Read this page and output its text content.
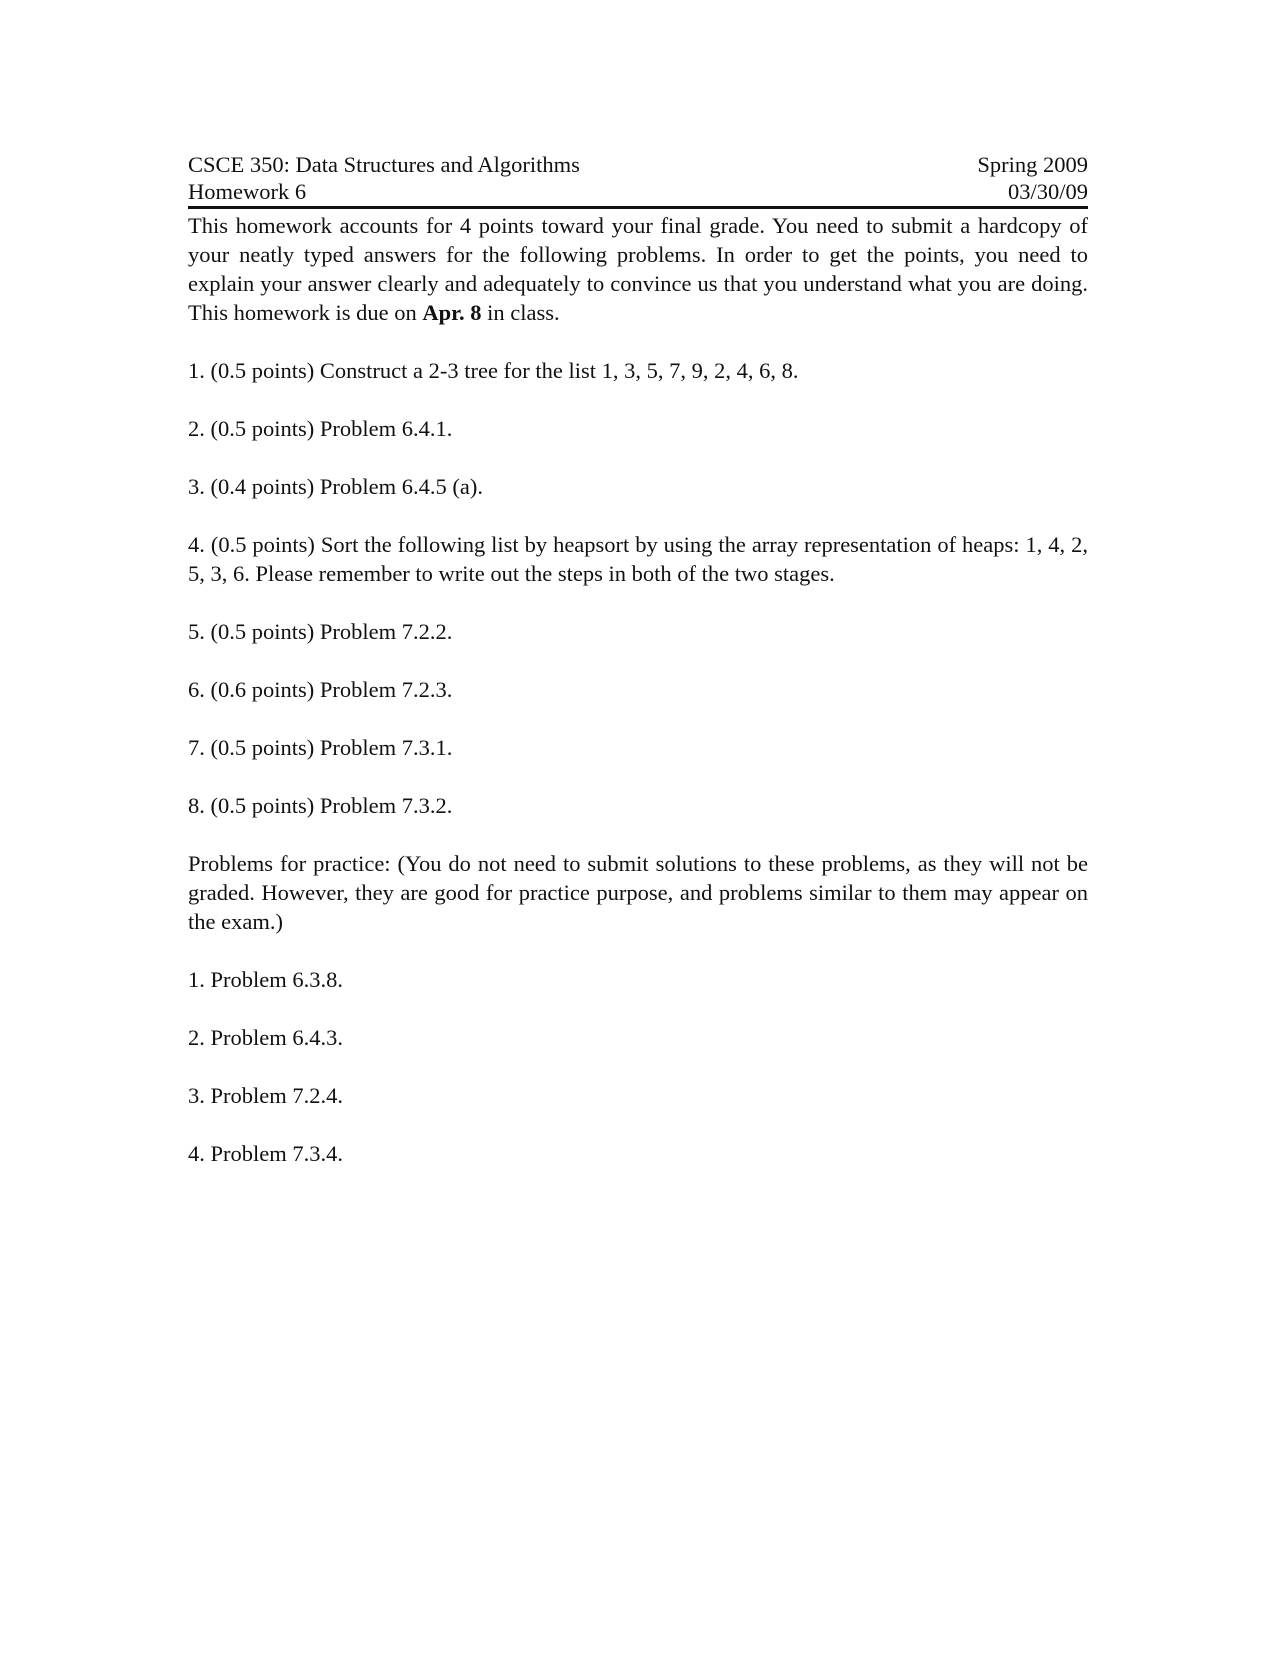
CSCE 350: Data Structures and Algorithms	Spring 2009
Homework 6	03/30/09

This homework accounts for 4 points toward your final grade. You need to submit a hardcopy of your neatly typed answers for the following problems. In order to get the points, you need to explain your answer clearly and adequately to convince us that you understand what you are doing. This homework is due on Apr. 8 in class.

1. (0.5 points) Construct a 2-3 tree for the list 1, 3, 5, 7, 9, 2, 4, 6, 8.

2. (0.5 points) Problem 6.4.1.

3. (0.4 points) Problem 6.4.5 (a).

4. (0.5 points) Sort the following list by heapsort by using the array representation of heaps: 1, 4, 2, 5, 3, 6. Please remember to write out the steps in both of the two stages.

5. (0.5 points) Problem 7.2.2.

6. (0.6 points) Problem 7.2.3.

7. (0.5 points) Problem 7.3.1.

8. (0.5 points) Problem 7.3.2.

Problems for practice: (You do not need to submit solutions to these problems, as they will not be graded. However, they are good for practice purpose, and problems similar to them may appear on the exam.)

1. Problem 6.3.8.

2. Problem 6.4.3.

3. Problem 7.2.4.

4. Problem 7.3.4.
